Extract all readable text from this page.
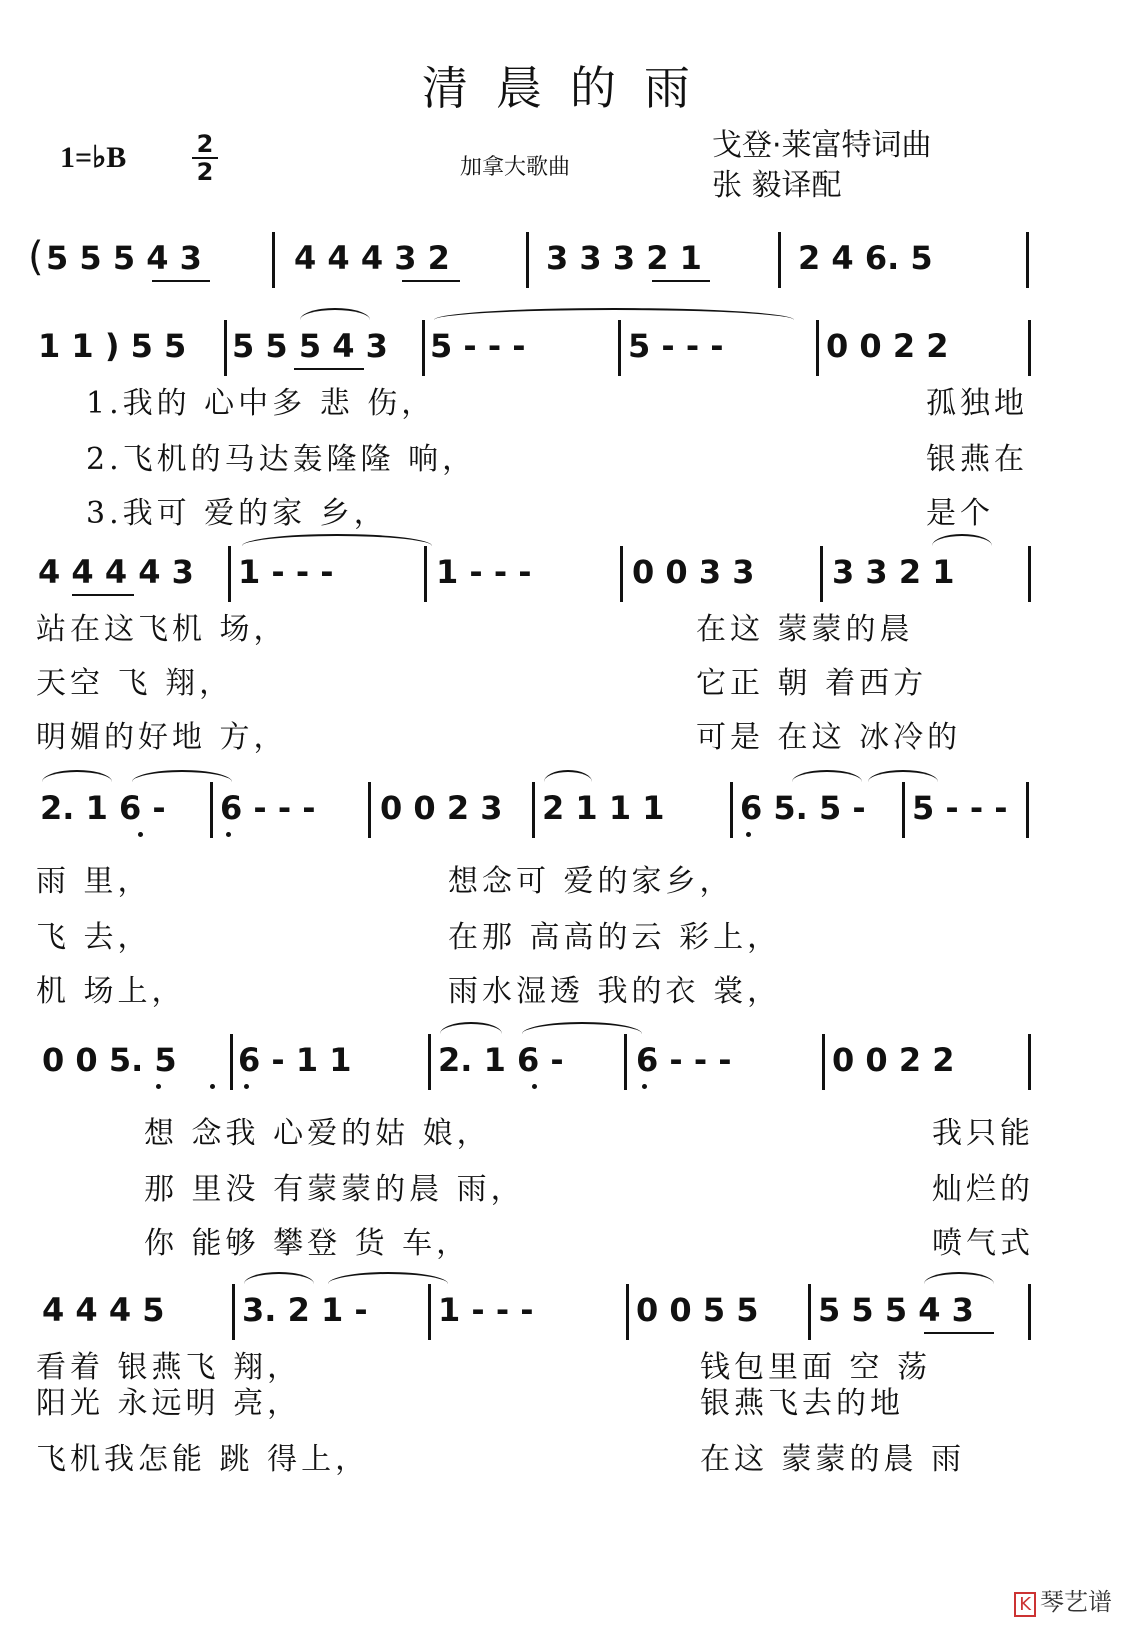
清晨的雨
1=♭B	2
2	加拿大歌曲
戈登·莱富特词曲
张 毅译配
( 5 5 5 4 3	4 4 4 3 2	3 3 3 2 1	2 4 6. 5
1 1 ) 5 5 5 5 5 4 3 5 - - -	5 - - -	0 0 2 2
1.我的 心中多 悲 伤，	孤独地
2.飞机的马达轰隆隆 响，	银燕在
3.我可 爱的家 乡，	是个
4 4 4 4 3 1 - - -	1 - - -	0 0 3 3 3 3 2 1
站在这飞机 场，	在这 蒙蒙的晨
天空 飞 翔，	它正 朝 着西方
明媚的好地 方，	可是 在这 冰冷的
2. 1 6 - 6 - - - 0 0 2 3 2 1 1 1 6 5. 5 - 5 - - -
雨 里，	想念可 爱的家乡，
飞 去，	在那 高高的云 彩上，
机 场上，	雨水湿透 我的衣 裳，
0 0 5. 5 6 - 1 1	2. 1 6 - 6 - - -	0 0 2 2
想 念我 心爱的姑 娘，	我只能
那 里没 有蒙蒙的晨 雨，	灿烂的
你 能够 攀登 货 车，	喷气式
4 4 4 5 3. 2 1 - 1 - - -	0 0 5 5 5 5 5 4 3
看着 银燕飞 翔，	钱包里面 空 荡
阳光 永远明 亮，	银燕飞去的地
飞机我怎能 跳 得上，	在这 蒙蒙的晨 雨
K 琴艺谱
